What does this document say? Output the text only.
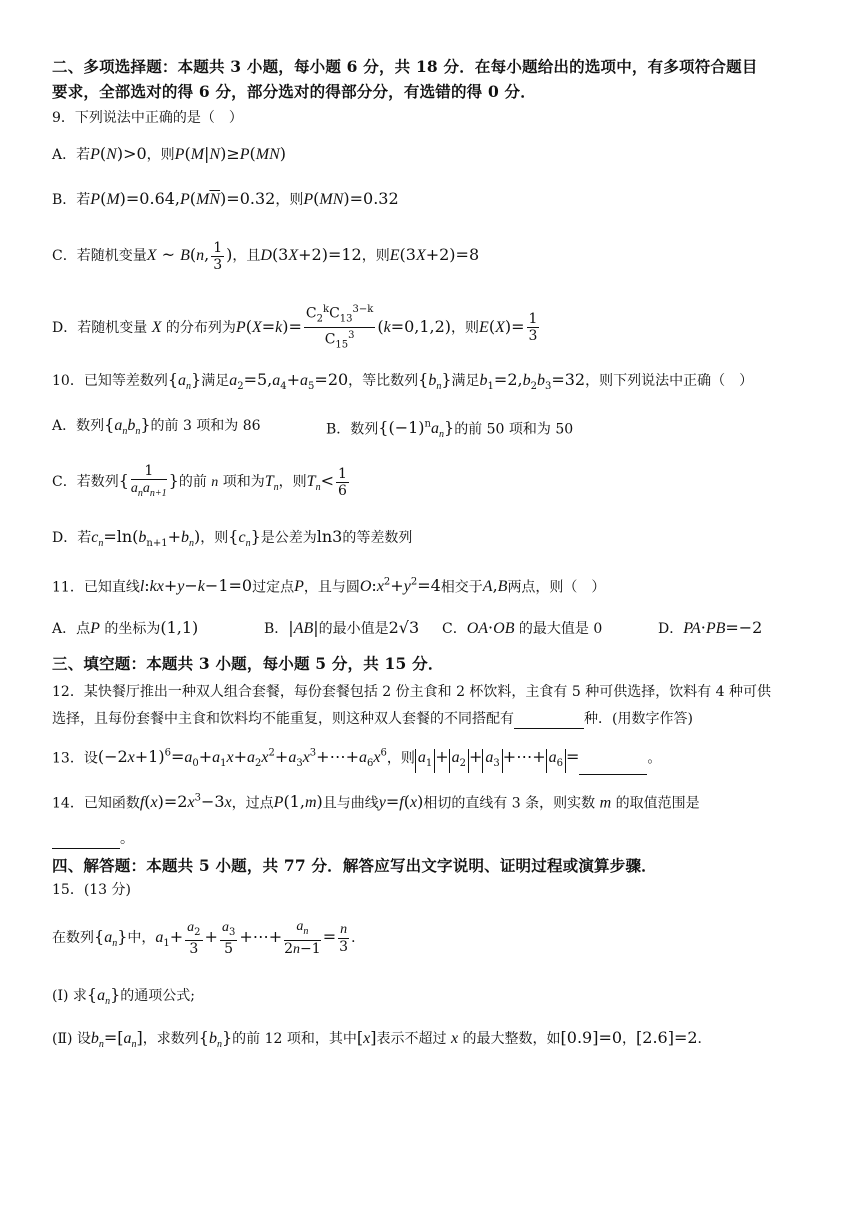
二、多项选择题：本题共 3 小题，每小题 6 分，共 18 分．在每小题给出的选项中，有多项符合题目
要求，全部选对的得 6 分，部分选对的得部分分，有选错的得 0 分．
9．下列说法中正确的是（　）
A．若P(N)>0，则P(M|N)≥P(MN)
B．若$P(M)=0.64,P(M\overline{N})=0.32$，则P(MN)=0.32
C．若随机变量X ~ B(n, $\frac{1}{3}$ )，且D(3X+2)=12，则E(3X+2)=8
D．若随机变量 X 的分布列为$P(X=k)= \frac{C_2^kC_{13}^{3-k}}{C_{15}^3} (k=0,1,2)$，则$E(X)= \frac{1}{3}$
10．已知等差数列$\{a_n\}$满足$a_2=5,a_4+a_5=20$，等比数列$\{b_n\}$满足$b_1=2,b_2b_3=32$，则下列说法中正确（　）
A．数列$\{a_nb_n\}$的前 3 项和为 86	B．数列$\{(-1)^na_n\}$的前 50 项和为 50
C．若数列{ $\frac{1}{a_na_{n+1}}$ }的前 n 项和为$T_n$，则$T_n< \frac{1}{6}$
D．若$c_n=\ln(b_{n+1}+b_n)$，则$\{c_n\}$是公差为ln3的等差数列
11．已知直线l:kx+y−k−1=0过定点P，且与圆$O:x^2+y^2=4$相交于A,B两点，则（　）
A．点P 的坐标为(1,1)	B．|AB|的最小值是2√3 C．OA·OB 的最大值是 0	D．PA·PB=−2
三、填空题：本题共 3 小题，每小题 5 分，共 15 分．
12．某快餐厅推出一种双人组合套餐，每份套餐包括 2 份主食和 2 杯饮料，主食有 5 种可供选择，饮料有 4 种可供
选择，且每份套餐中主食和饮料均不能重复，则这种双人套餐的不同搭配有	种．(用数字作答)
13．设$(-2x+1)^6=a_0+a_1x+a_2x^2+a_3x^3+\cdots+a_6x^6$，则 $a_1 + a_2 + a_3$ +⋯+ $a_6$ =	。
14．已知函数$f(x)=2x^3-3x$，过点P(1,m)且与曲线y=f(x)相切的直线有 3 条，则实数 m 的取值范围是
。
四、解答题：本题共 5 小题，共 77 分．解答应写出文字说明、证明过程或演算步骤．
15．(13 分)
在数列$\{a_n\}$中，$a_1+ \frac{a_2}{3} + \frac{a_3}{5}$ +⋯+ $\frac{a_n}{2n-1} = \frac{n}{3}$ ．
(Ⅰ) 求$\{a_n\}$的通项公式;
(Ⅱ) 设$b_n=[a_n]$，求数列$\{b_n\}$的前 12 项和，其中[x]表示不超过 x 的最大整数，如[0.9]=0，[2.6]=2．
